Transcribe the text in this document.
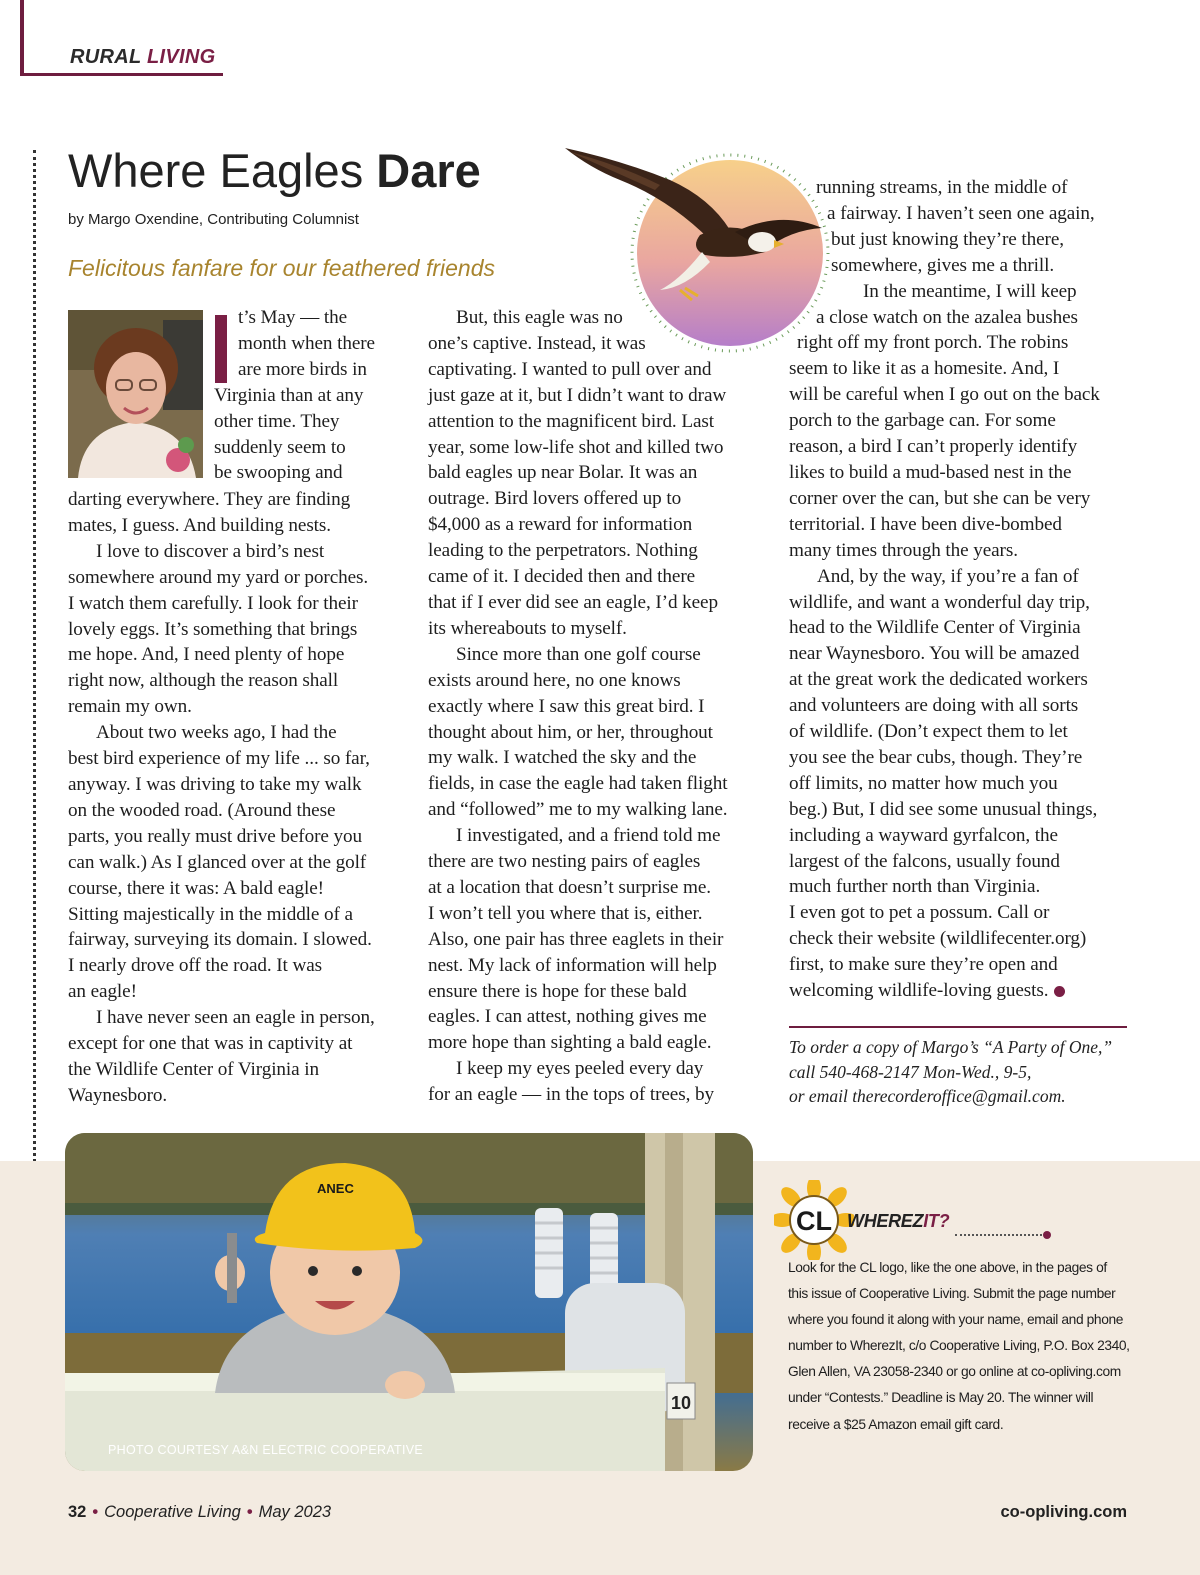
RURAL LIVING
Where Eagles Dare
by Margo Oxendine, Contributing Columnist
Felicitous fanfare for our feathered friends

t’s May — the

month when there

are more birds in

Virginia than at any

other time. They

suddenly seem to

be swooping and

darting everywhere. They are finding

mates, I guess. And building nests.

I love to discover a bird’s nest

somewhere around my yard or porches.

I watch them carefully. I look for their

lovely eggs. It’s something that brings

me hope. And, I need plenty of hope

right now, although the reason shall

remain my own.

About two weeks ago, I had the

best bird experience of my life ... so far,

anyway. I was driving to take my walk

on the wooded road. (Around these

parts, you really must drive before you

can walk.) As I glanced over at the golf

course, there it was: A bald eagle!

Sitting majestically in the middle of a

fairway, surveying its domain. I slowed.

I nearly drove off the road. It was

an eagle!

I have never seen an eagle in person,

except for one that was in captivity at

the Wildlife Center of Virginia in

Waynesboro.

But, this eagle was no

one’s captive. Instead, it was

captivating. I wanted to pull over and

just gaze at it, but I didn’t want to draw

attention to the magnificent bird. Last

year, some low-life shot and killed two

bald eagles up near Bolar. It was an

outrage. Bird lovers offered up to

$4,000 as a reward for information

leading to the perpetrators. Nothing

came of it. I decided then and there

that if I ever did see an eagle, I’d keep

its whereabouts to myself.

Since more than one golf course

exists around here, no one knows

exactly where I saw this great bird. I

thought about him, or her, throughout

my walk. I watched the sky and the

fields, in case the eagle had taken flight

and “followed” me to my walking lane.

I investigated, and a friend told me

there are two nesting pairs of eagles

at a location that doesn’t surprise me.

I won’t tell you where that is, either.

Also, one pair has three eaglets in their

nest. My lack of information will help

ensure there is hope for these bald

eagles. I can attest, nothing gives me

more hope than sighting a bald eagle.

I keep my eyes peeled every day

for an eagle — in the tops of trees, by

running streams, in the middle of

a fairway. I haven’t seen one again,

but just knowing they’re there,

somewhere, gives me a thrill.

In the meantime, I will keep

a close watch on the azalea bushes

right off my front porch. The robins

seem to like it as a homesite. And, I

will be careful when I go out on the back

porch to the garbage can. For some

reason, a bird I can’t properly identify

likes to build a mud-based nest in the

corner over the can, but she can be very

territorial. I have been dive-bombed

many times through the years.

And, by the way, if you’re a fan of

wildlife, and want a wonderful day trip,

head to the Wildlife Center of Virginia

near Waynesboro. You will be amazed

at the great work the dedicated workers

and volunteers are doing with all sorts

of wildlife. (Don’t expect them to let

you see the bear cubs, though. They’re

off limits, no matter how much you

beg.) But, I did see some unusual things,

including a wayward gyrfalcon, the

largest of the falcons, usually found

much further north than Virginia.

I even got to pet a possum. Call or

check their website (wildlifecenter.org)

first, to make sure they’re open and

welcoming wildlife-loving guests.

To order a copy of Margo’s “A Party of One,”

call 540-468-2147 Mon-Wed., 9-5,

or email therecorderoffice@gmail.com.

10
ANEC
PHOTO COURTESY A&N ELECTRIC COOPERATIVE
CL WHEREZIT?

Look for the CL logo, like the one above, in the pages of

this issue of Cooperative Living. Submit the page number

where you found it along with your name, email and phone

number to WherezIt, c/o Cooperative Living, P.O. Box 2340,

Glen Allen, VA 23058-2340 or go online at co-opliving.com

under “Contests.” Deadline is May 20. The winner will

receive a $25 Amazon email gift card.

32 • Cooperative Living • May 2023	co-opliving.com
